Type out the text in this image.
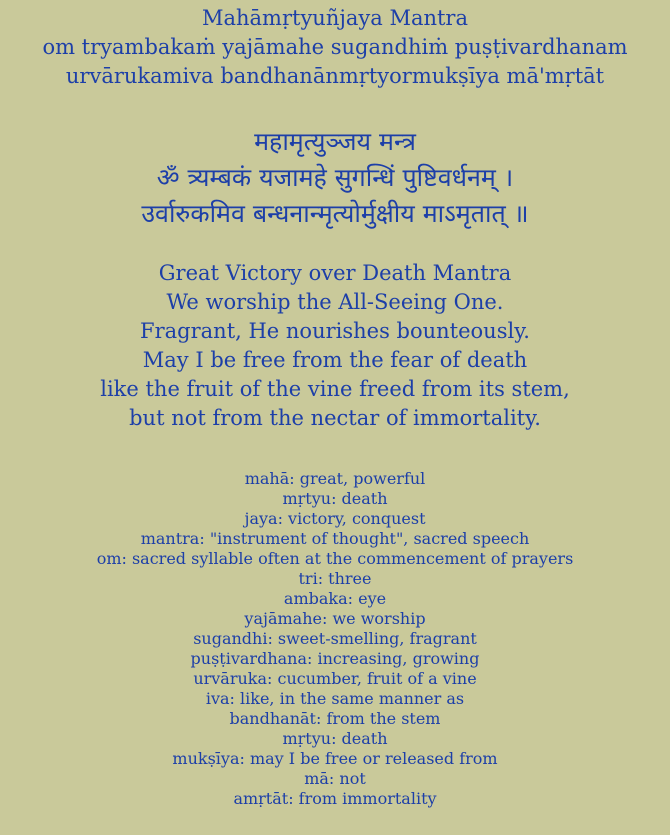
Mahāmṛtyuñjaya Mantra
om tryambakaṁ yajāmahe sugandhiṁ puṣṭivardhanam
urvārukamiva bandhanānmṛtyormukṣīya mā'mṛtāt
महामृत्युञ्जय मन्त्र
ॐ त्र्यम्बकं यजामहे सुगन्धिं पुष्टिवर्धनम् ।
उर्वारुकमिव बन्धनान्मृत्योर्मुक्षीय माऽमृतात् ॥
Great Victory over Death Mantra
We worship the All-Seeing One.
Fragrant, He nourishes bounteously.
May I be free from the fear of death
like the fruit of the vine freed from its stem,
but not from the nectar of immortality.
mahā: great, powerful
mṛtyu: death
jaya: victory, conquest
mantra: "instrument of thought", sacred speech
om: sacred syllable often at the commencement of prayers
tri: three
ambaka: eye
yajāmahe: we worship
sugandhi: sweet-smelling, fragrant
puṣṭivardhana: increasing, growing
urvāruka: cucumber, fruit of a vine
iva: like, in the same manner as
bandhanāt: from the stem
mṛtyu: death
mukṣīya: may I be free or released from
mā: not
amṛtāt: from immortality
